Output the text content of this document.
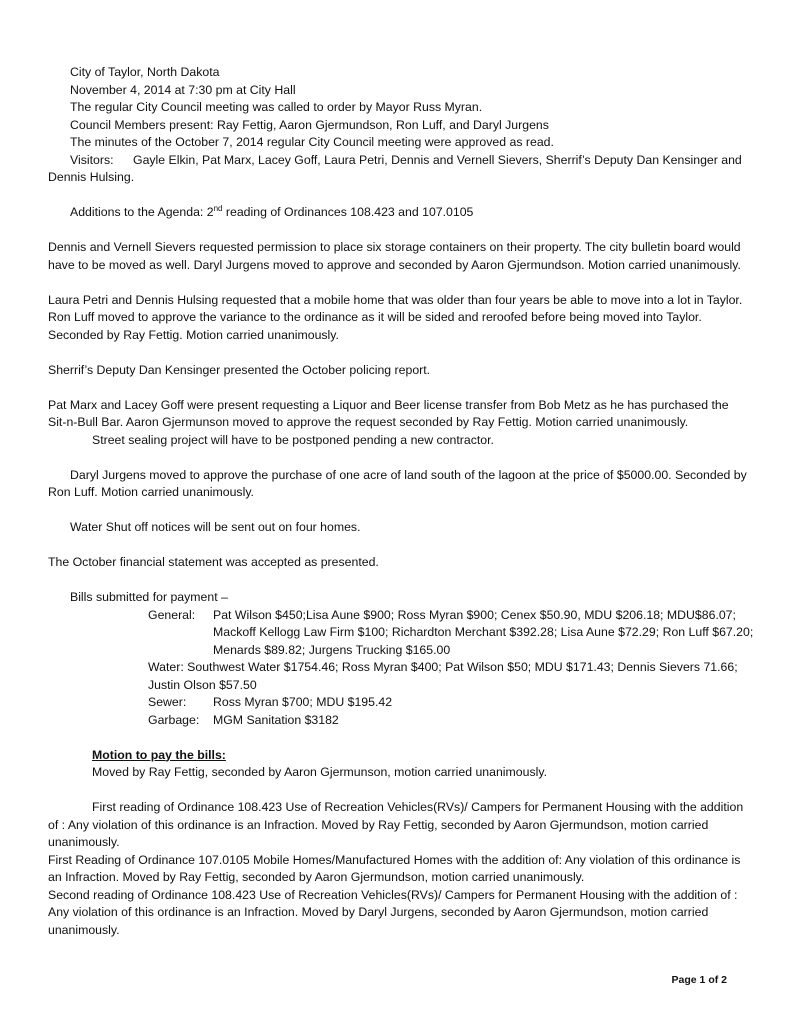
City of Taylor, North Dakota
November 4, 2014 at 7:30 pm at City Hall
The regular City Council meeting was called to order by Mayor Russ Myran.
Council Members present: Ray Fettig, Aaron Gjermundson, Ron Luff, and Daryl Jurgens
The minutes of the October 7, 2014 regular City Council meeting were approved as read.
Visitors: Gayle Elkin, Pat Marx, Lacey Goff, Laura Petri, Dennis and Vernell Sievers, Sherrif’s Deputy Dan Kensinger and Dennis Hulsing.

Additions to the Agenda: 2nd reading of Ordinances 108.423 and 107.0105

Dennis and Vernell Sievers requested permission to place six storage containers on their property. The city bulletin board would have to be moved as well. Daryl Jurgens moved to approve and seconded by Aaron Gjermundson. Motion carried unanimously.

Laura Petri and Dennis Hulsing requested that a mobile home that was older than four years be able to move into a lot in Taylor. Ron Luff moved to approve the variance to the ordinance as it will be sided and reroofed before being moved into Taylor. Seconded by Ray Fettig. Motion carried unanimously.

Sherrif’s Deputy Dan Kensinger presented the October policing report.

Pat Marx and Lacey Goff were present requesting a Liquor and Beer license transfer from Bob Metz as he has purchased the Sit-n-Bull Bar. Aaron Gjermunson moved to approve the request seconded by Ray Fettig. Motion carried unanimously.

Street sealing project will have to be postponed pending a new contractor.

Daryl Jurgens moved to approve the purchase of one acre of land south of the lagoon at the price of $5000.00. Seconded by Ron Luff. Motion carried unanimously.

Water Shut off notices will be sent out on four homes.

The October financial statement was accepted as presented.

Bills submitted for payment –

General:	Pat Wilson $450;Lisa Aune $900; Ross Myran $900; Cenex $50.90, MDU $206.18; MDU$86.07; Mackoff Kellogg Law Firm $100; Richardton Merchant $392.28; Lisa Aune $72.29; Ron Luff $67.20; Menards $89.82; Jurgens Trucking $165.00
Water: Southwest Water $1754.46; Ross Myran $400; Pat Wilson $50; MDU $171.43; Dennis Sievers 71.66; Justin Olson $57.50
Sewer:	Ross Myran $700; MDU $195.42
Garbage:	MGM Sanitation $3182

Motion to pay the bills:

Moved by Ray Fettig, seconded by Aaron Gjermunson, motion carried unanimously.

First reading of Ordinance 108.423 Use of Recreation Vehicles(RVs)/ Campers for Permanent Housing with the addition of : Any violation of this ordinance is an Infraction. Moved by Ray Fettig, seconded by Aaron Gjermundson, motion carried unanimously.

First Reading of Ordinance 107.0105 Mobile Homes/Manufactured Homes with the addition of: Any violation of this ordinance is an Infraction. Moved by Ray Fettig, seconded by Aaron Gjermundson, motion carried unanimously.

Second reading of Ordinance 108.423 Use of Recreation Vehicles(RVs)/ Campers for Permanent Housing with the addition of : Any violation of this ordinance is an Infraction. Moved by Daryl Jurgens, seconded by Aaron Gjermundson, motion carried unanimously.

Page 1 of 2
